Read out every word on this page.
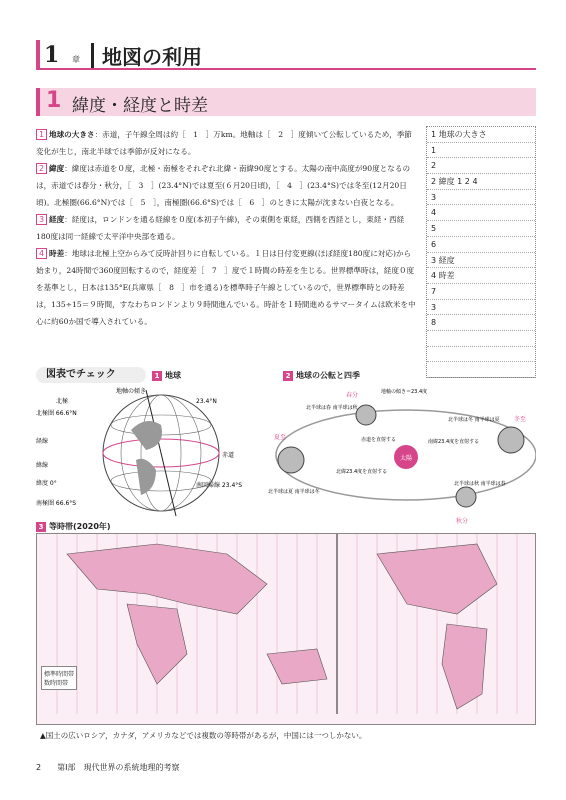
1 章 地図の利用
1 緯度・経度と時差
1 地球の大きさ：赤道，子午線全周は約［　1　］万km。地軸は［　2　］度傾いて公転しているため，季節変化が生じ，南北半球では季節が反対になる。
2 緯度：緯度は赤道を０度，北極・南極をそれぞれ北緯・南緯90度とする。太陽の南中高度が90度となるのは，赤道では春分・秋分，［　3　］(23.4°N)では夏至(６月20日頃)，［　4　］(23.4°S)では冬至(12月20日頃)。北極圏(66.6°N)では［　5　］，南極圏(66.6°S)では［　6　］のときに太陽が沈まない白夜となる。
3 経度：経度は，ロンドンを通る経線を０度(本初子午線)，その東側を東経，西側を西経とし，東経・西経180度は同一経線で太平洋中央部を通る。
4 時差：地球は北極上空からみて反時計回りに自転している。１日は日付変更線(ほぼ経度180度に対応)から始まり，24時間で360度回転するので，経度差［　7　］度で１時間の時差を生じる。世界標準時は，経度０度を基準とし，日本は135°E(兵庫県［　8　］市を通る)を標準時子午線としているので，世界標準時との時差は，135÷15＝９時間，すなわちロンドンより９時間進んでいる。時計を１時間進めるサマータイムは欧米を中心に約60か国で導入されている。
1 地球の大きさ
1
2
2 緯度 1 2 4
3
4
5
6
3 経度
4 時差
7
3
8
図表でチェック	1 地球	2 地球の公転と四季
北極
地軸の傾き
23.4°N
北極圏 66.6°N
経線
緯線
緯度 0°
赤道
南回帰線 23.4°S
南極圏 66.6°S
太陽
春分
夏至
秋分
冬至
北半球は春 南半球は秋
北半球は冬 南半球は夏
北半球は夏 南半球は冬
北半球は秋 南半球は春
赤道を直射する	南緯23.4度を直射する
北緯23.4度を直射する
地軸の傾き＝23.4度
3 等時帯(2020年)
標準時間帯
数時間帯
▲国土の広いロシア，カナダ，アメリカなどでは複数の等時帯があるが，中国には一つしかない。
2　　第Ⅰ部　現代世界の系統地理的考察
